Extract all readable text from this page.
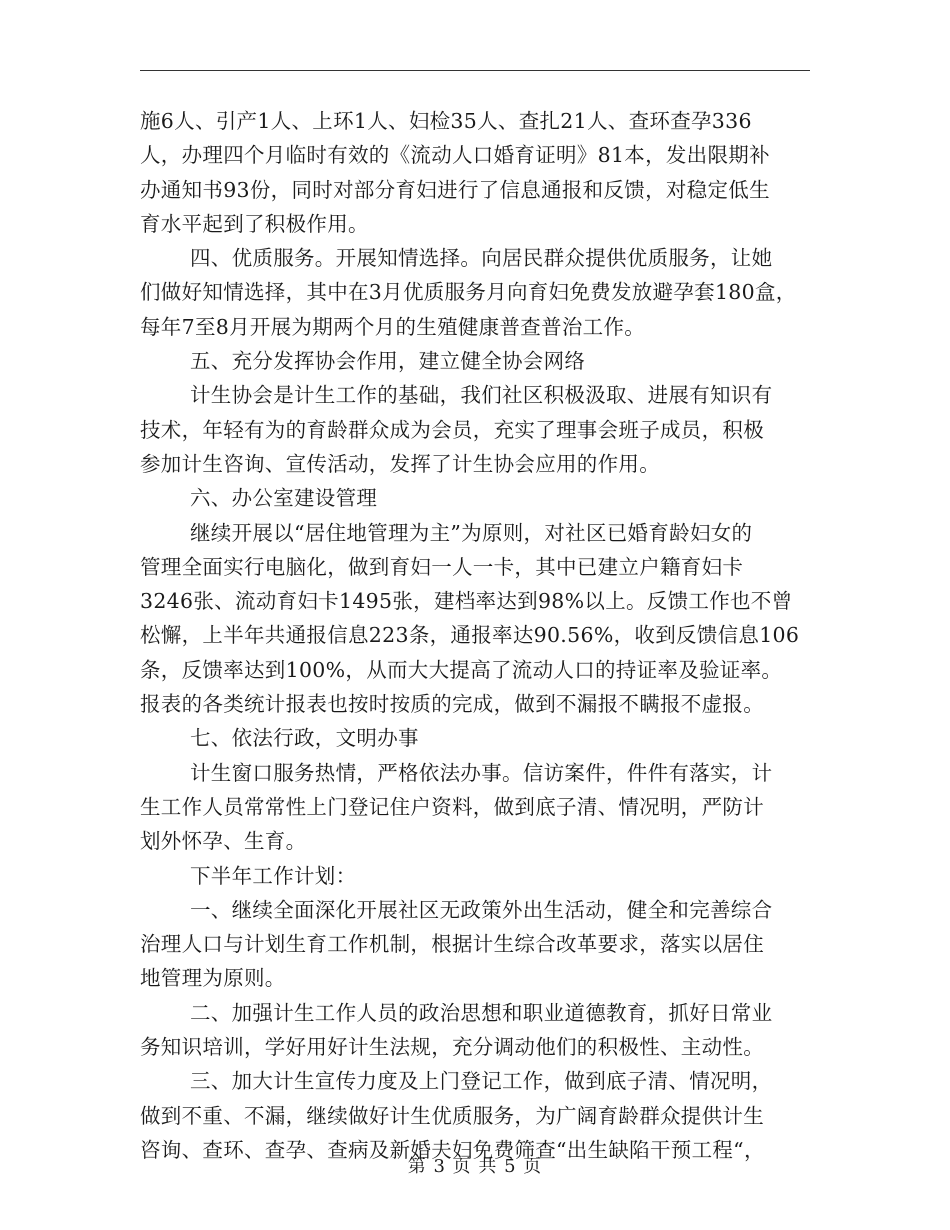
施6人、引产1人、上环1人、妇检35人、查扎21人、查环查孕336
人，办理四个月临时有效的《流动人口婚育证明》81本，发出限期补
办通知书93份，同时对部分育妇进行了信息通报和反馈，对稳定低生
育水平起到了积极作用。
四、优质服务。开展知情选择。向居民群众提供优质服务，让她
们做好知情选择，其中在3月优质服务月向育妇免费发放避孕套180盒，
每年7至8月开展为期两个月的生殖健康普查普治工作。
五、充分发挥协会作用，建立健全协会网络
计生协会是计生工作的基础，我们社区积极汲取、进展有知识有
技术，年轻有为的育龄群众成为会员，充实了理事会班子成员，积极
参加计生咨询、宣传活动，发挥了计生协会应用的作用。
六、办公室建设管理
继续开展以“居住地管理为主”为原则，对社区已婚育龄妇女的
管理全面实行电脑化，做到育妇一人一卡，其中已建立户籍育妇卡
3246张、流动育妇卡1495张，建档率达到98%以上。反馈工作也不曾
松懈，上半年共通报信息223条，通报率达90.56%，收到反馈信息106
条，反馈率达到100%，从而大大提高了流动人口的持证率及验证率。
报表的各类统计报表也按时按质的完成，做到不漏报不瞒报不虚报。
七、依法行政，文明办事
计生窗口服务热情，严格依法办事。信访案件，件件有落实，计
生工作人员常常性上门登记住户资料，做到底子清、情况明，严防计
划外怀孕、生育。
下半年工作计划：
一、继续全面深化开展社区无政策外出生活动，健全和完善综合
治理人口与计划生育工作机制，根据计生综合改革要求，落实以居住
地管理为原则。
二、加强计生工作人员的政治思想和职业道德教育，抓好日常业
务知识培训，学好用好计生法规，充分调动他们的积极性、主动性。
三、加大计生宣传力度及上门登记工作，做到底子清、情况明，
做到不重、不漏，继续做好计生优质服务，为广阔育龄群众提供计生
咨询、查环、查孕、查病及新婚夫妇免费筛查“出生缺陷干预工程“，
第 3 页 共 5 页
